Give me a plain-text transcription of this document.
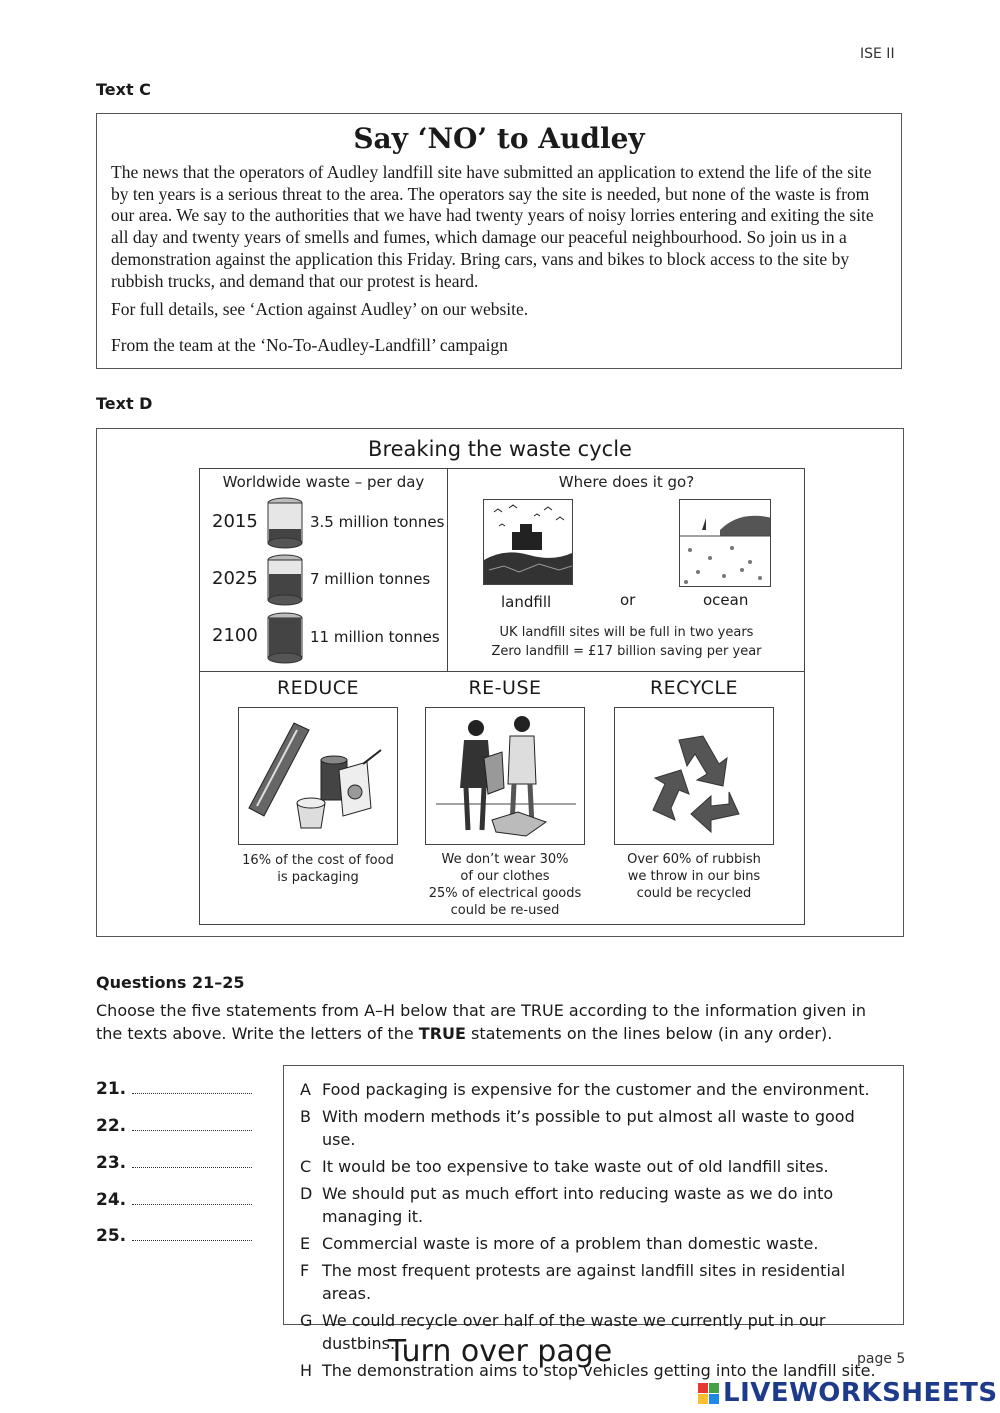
ISE II
Text C
Say ‘NO’ to Audley

The news that the operators of Audley landfill site have submitted an application to extend the life of the site by ten years is a serious threat to the area. The operators say the site is needed, but none of the waste is from our area. We say to the authorities that we have had twenty years of noisy lorries entering and exiting the site all day and twenty years of smells and fumes, which damage our peaceful neighbourhood. So join us in a demonstration against the application this Friday. Bring cars, vans and bikes to block access to the site by rubbish trucks, and demand that our protest is heard.

For full details, see ‘Action against Audley’ on our website.

From the team at the ‘No-To-Audley-Landfill’ campaign

Text D
Breaking the waste cycle
Worldwide waste – per day
2015	3.5 million tonnes
2025	7 million tonnes
2100	11 million tonnes
Where does it go?
landfill	or	ocean
UK landfill sites will be full in two years
Zero landfill = £17 billion saving per year
REDUCE
16% of the cost of food
is packaging
RE-USE
We don’t wear 30%
of our clothes
25% of electrical goods
could be re-used
RECYCLE
Over 60% of rubbish
we throw in our bins
could be recycled
Questions 21–25
Choose the five statements from A–H below that are TRUE according to the information given in the texts above. Write the letters of the TRUE statements on the lines below (in any order).
21.
22.
23.
24.
25.
A Food packaging is expensive for the customer and the environment.
B With modern methods it’s possible to put almost all waste to good use.
C It would be too expensive to take waste out of old landfill sites.
D We should put as much effort into reducing waste as we do into managing it.
E Commercial waste is more of a problem than domestic waste.
F The most frequent protests are against landfill sites in residential areas.
G We could recycle over half of the waste we currently put in our dustbins.
H The demonstration aims to stop vehicles getting into the landfill site.
Turn over page	page 5
LIVEWORKSHEETS
